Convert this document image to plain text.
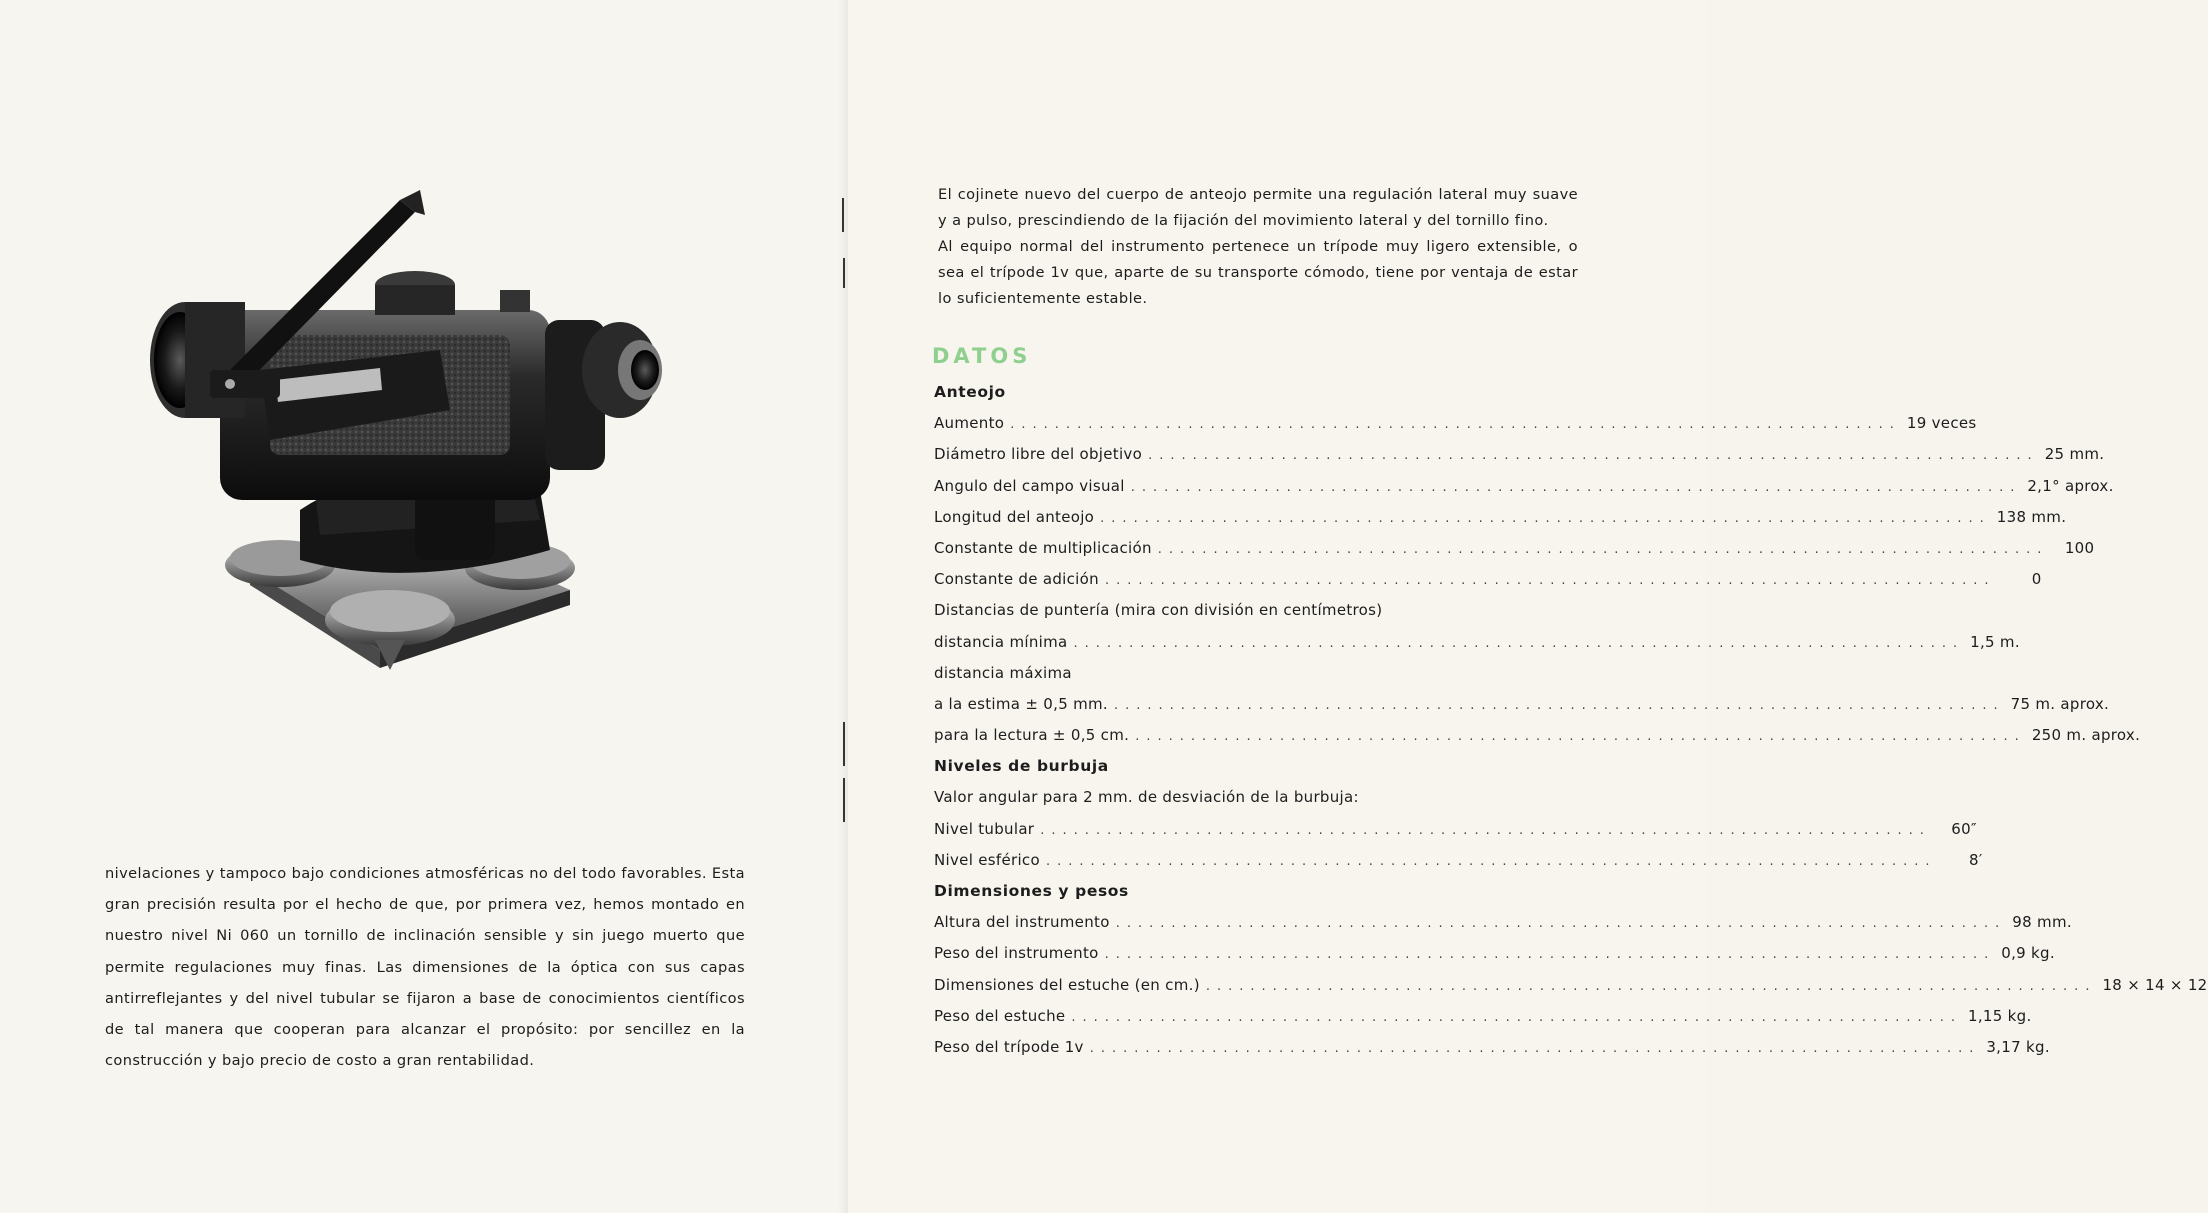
nivelaciones y tampoco bajo condiciones atmosféricas no del todo favorables. Esta gran precisión resulta por el hecho de que, por primera vez, hemos montado en nuestro nivel Ni 060 un tornillo de inclinación sensible y sin juego muerto que permite regulaciones muy finas. Las dimensiones de la óptica con sus capas antirreflejantes y del nivel tubular se fijaron a base de conocimientos científicos de tal manera que cooperan para alcanzar el propósito: por sencillez en la construcción y bajo precio de costo a gran rentabilidad.

El cojinete nuevo del cuerpo de anteojo permite una regulación lateral muy suave y a pulso, prescindiendo de la fijación del movimiento lateral y del tornillo fino.

Al equipo normal del instrumento pertenece un trípode muy ligero extensible, o sea el trípode 1v que, aparte de su transporte cómodo, tiene por ventaja de estar lo suficientemente estable.

DATOS
Anteojo
Aumento ................................................................................ 19 veces
Diámetro libre del objetivo ................................................................................ 25 mm.
Angulo del campo visual ................................................................................ 2,1° aprox.
Longitud del anteojo ................................................................................ 138 mm.
Constante de multiplicación ................................................................................	100
Constante de adición ................................................................................	0
Distancias de puntería (mira con división en centímetros)
distancia mínima ................................................................................ 1,5 m.
distancia máxima
a la estima ± 0,5 mm. ................................................................................ 75 m. aprox.
para la lectura ± 0,5 cm. ................................................................................ 250 m. aprox.
Niveles de burbuja
Valor angular para 2 mm. de desviación de la burbuja:
Nivel tubular ................................................................................	60″
Nivel esférico ................................................................................	8′
Dimensiones y pesos
Altura del instrumento ................................................................................ 98 mm.
Peso del instrumento ................................................................................ 0,9 kg.
Dimensiones del estuche (en cm.) ................................................................................ 18 × 14 × 12
Peso del estuche ................................................................................ 1,15 kg.
Peso del trípode 1v ................................................................................ 3,17 kg.
